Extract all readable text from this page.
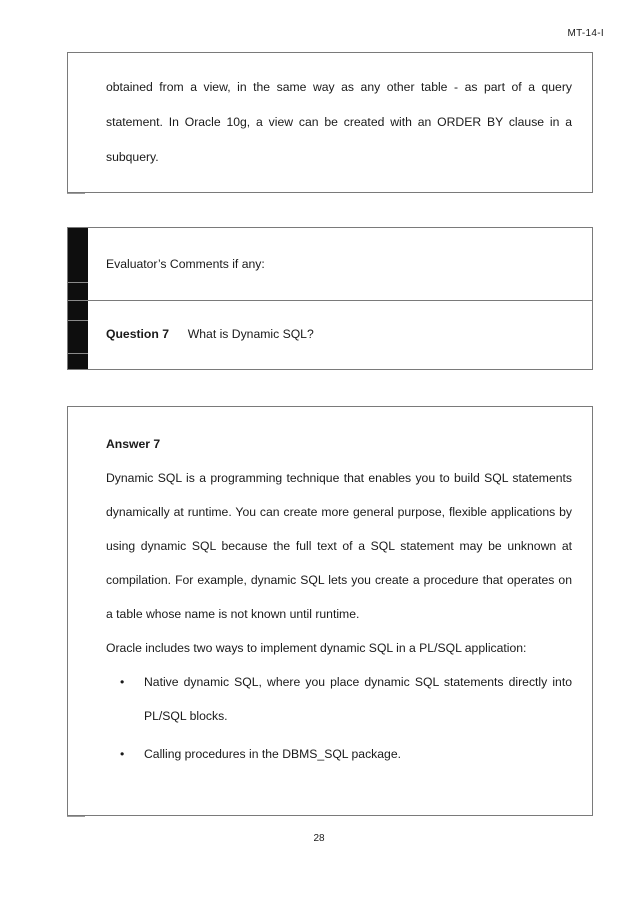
MT-14-I

obtained from a view, in the same way as any other table - as part of a query

statement. In Oracle 10g, a view can be created with an ORDER BY clause in a

subquery.

Evaluator’s Comments if any:
Question 7 What is Dynamic SQL?

Answer 7

Dynamic SQL is a programming technique that enables you to build SQL statements dynamically at runtime. You can create more general purpose, flexible applications by using dynamic SQL because the full text of a SQL statement may be unknown at compilation. For example, dynamic SQL lets you create a procedure that operates on a table whose name is not known until runtime.

Oracle includes two ways to implement dynamic SQL in a PL/SQL application:

•	Native dynamic SQL, where you place dynamic SQL statements directly into PL/SQL blocks.
•	Calling procedures in the DBMS_SQL package.
28
